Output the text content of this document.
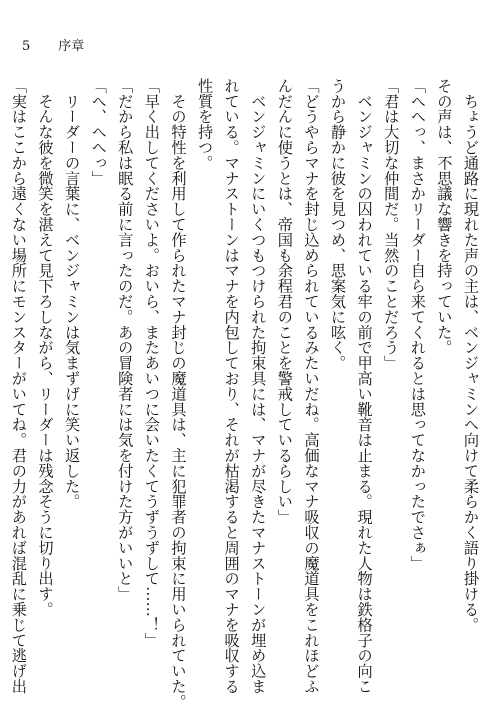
5 序章
　ちょうど通路に現れた声の主は、ベンジャミンへ向けて柔らかく語り掛ける。
その声は、不思議な響きを持っていた。
「へへっ、まさかリーダー自ら来てくれるとは思ってなかったでさぁ」
「君は大切な仲間だ。当然のことだろう」
　ベンジャミンの囚われている牢の前で甲高い靴音は止まる。現れた人物は鉄格子の向こ
うから静かに彼を見つめ、思案気に呟く。
「どうやらマナを封じ込められているみたいだね。高価なマナ吸収の魔道具をこれほどふ
んだんに使うとは、帝国も余程君のことを警戒しているらしい」
　ベンジャミンにいくつもつけられた拘束具には、マナが尽きたマナストーンが埋め込ま
れている。マナストーンはマナを内包しており、それが枯渇すると周囲のマナを吸収する
性質を持つ。
　その特性を利用して作られたマナ封じの魔道具は、主に犯罪者の拘束に用いられていた。
「早く出してくださいよ。おいら、またあいつに会いたくてうずうずして……！」
「だから私は眠る前に言ったのだ。あの冒険者には気を付けた方がいいと」
「へ、へへっ」
　リーダーの言葉に、ベンジャミンは気まずげに笑い返した。
　そんな彼を微笑を湛えて見下ろしながら、リーダーは残念そうに切り出す。
「実はここから遠くない場所にモンスターがいてね。君の力があれば混乱に乗じて逃げ出
